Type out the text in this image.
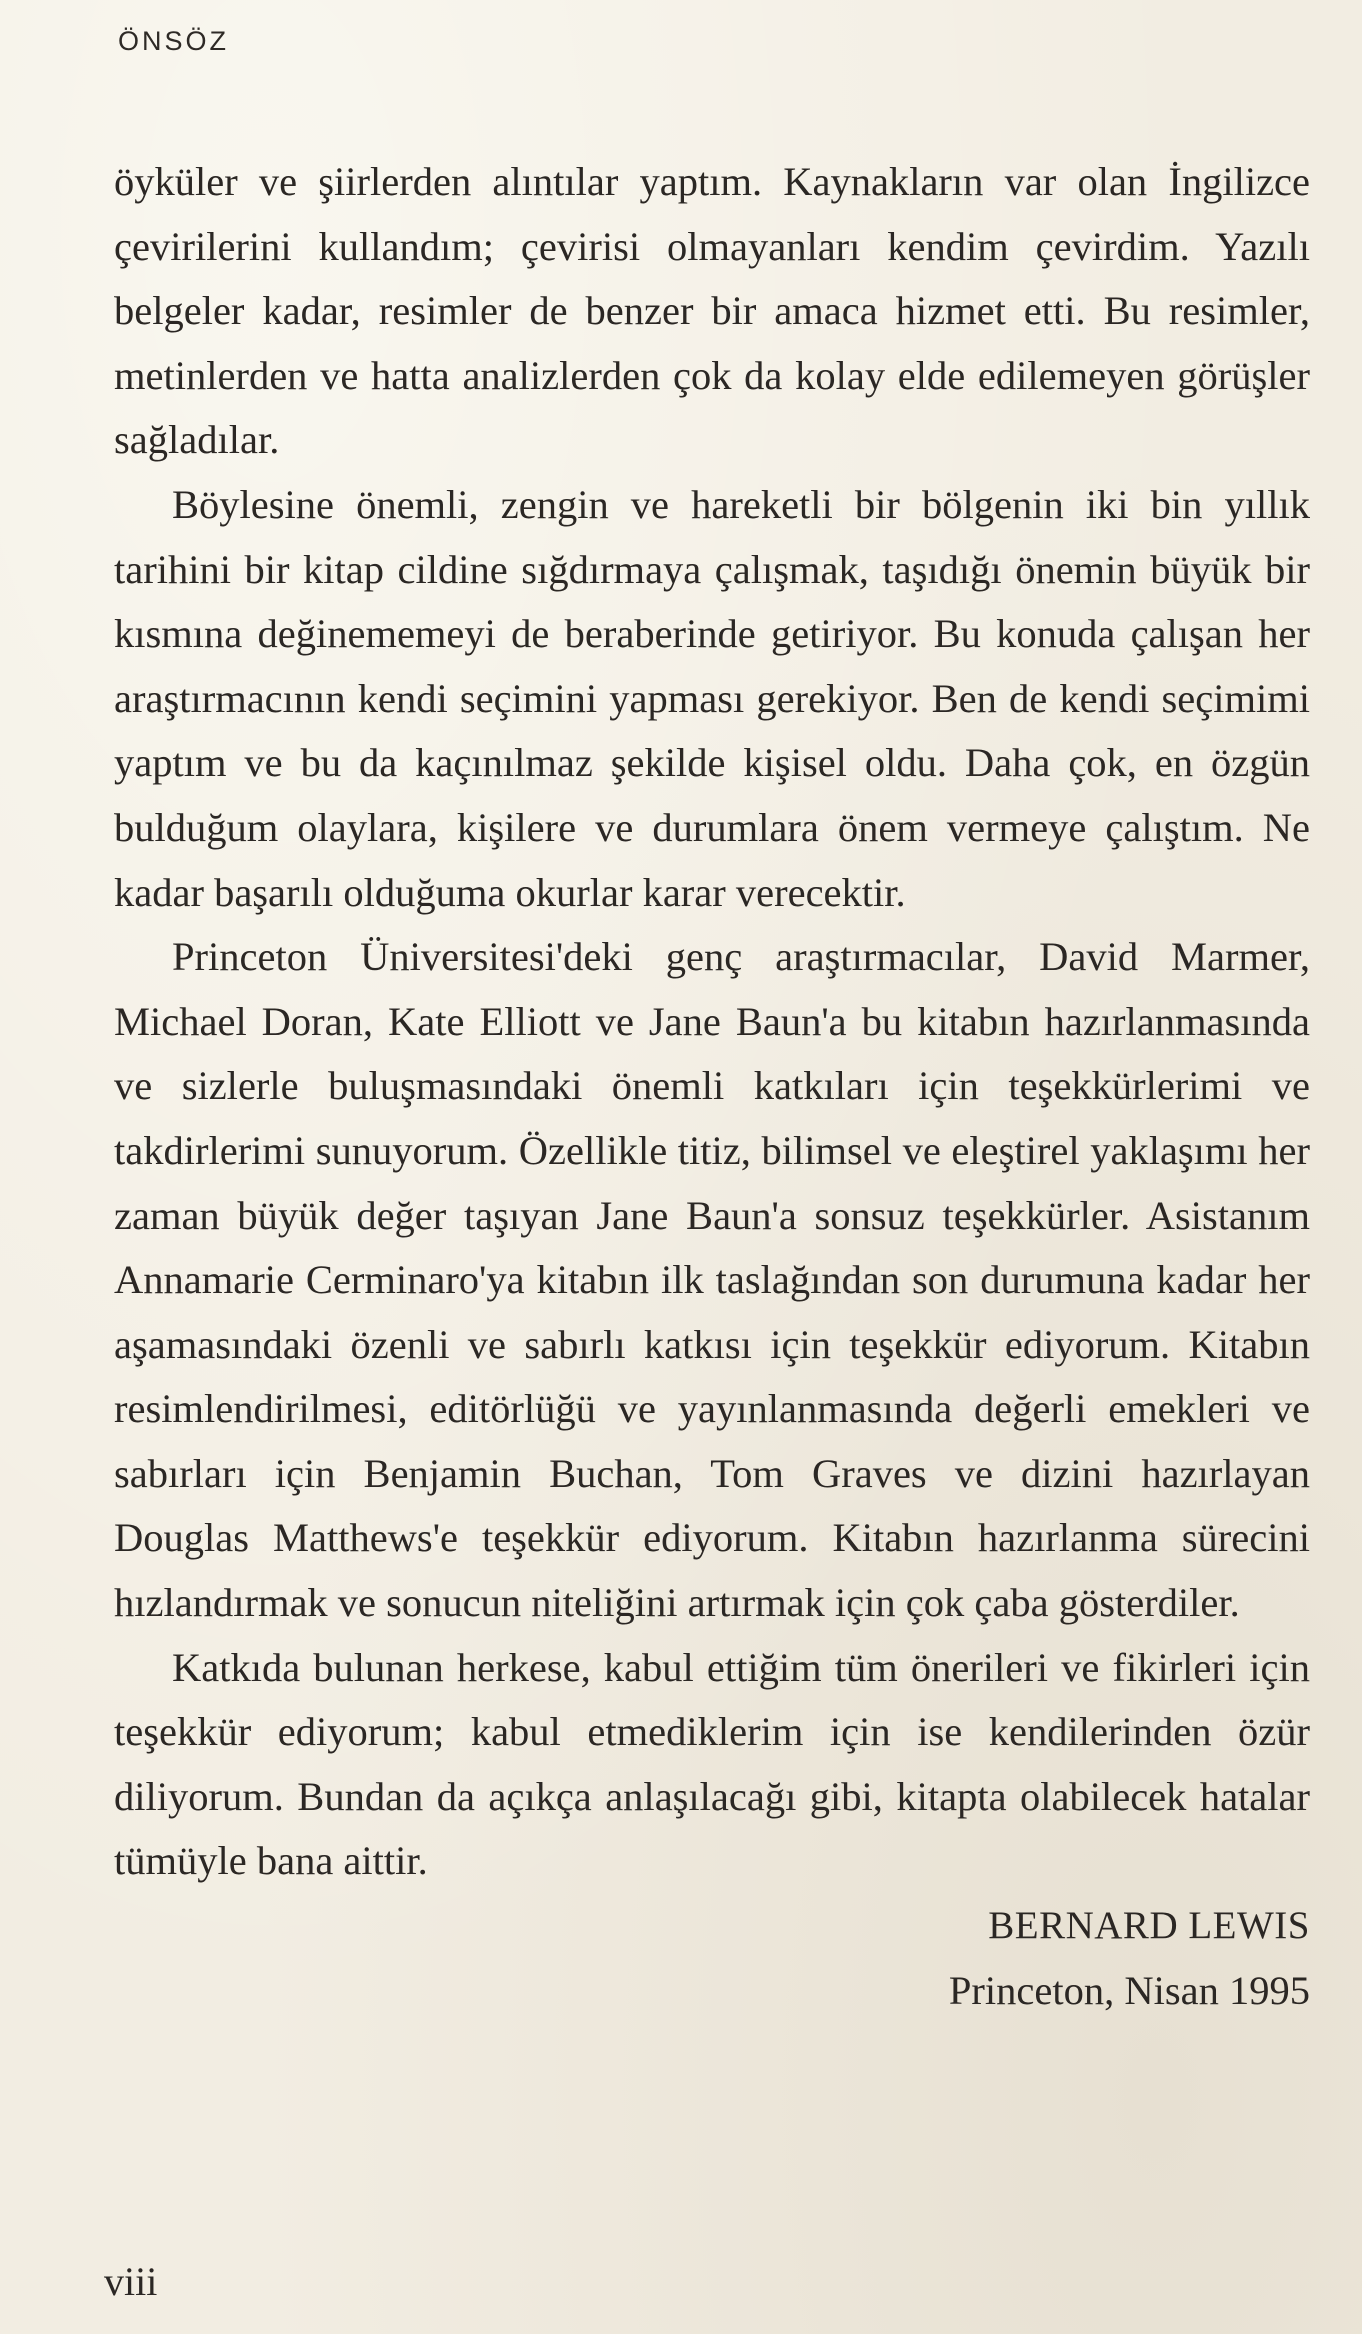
ÖNSÖZ

öyküler ve şiirlerden alıntılar yaptım. Kaynakların var olan İngilizce çevirilerini kullandım; çevirisi olmayanları kendim çevirdim. Yazılı belgeler kadar, resimler de benzer bir amaca hizmet etti. Bu resimler, metinlerden ve hatta analizlerden çok da kolay elde edilemeyen görüşler sağladılar.

Böylesine önemli, zengin ve hareketli bir bölgenin iki bin yıllık tarihini bir kitap cildine sığdırmaya çalışmak, taşıdığı önemin büyük bir kısmına değinememeyi de beraberinde getiriyor. Bu konuda çalışan her araştırmacının kendi seçimini yapması gerekiyor. Ben de kendi seçimimi yaptım ve bu da kaçınılmaz şekilde kişisel oldu. Daha çok, en özgün bulduğum olaylara, kişilere ve durumlara önem vermeye çalıştım. Ne kadar başarılı olduğuma okurlar karar verecektir.

Princeton Üniversitesi'deki genç araştırmacılar, David Marmer, Michael Doran, Kate Elliott ve Jane Baun'a bu kitabın hazırlanmasında ve sizlerle buluşmasındaki önemli katkıları için teşekkürlerimi ve takdirlerimi sunuyorum. Özellikle titiz, bilimsel ve eleştirel yaklaşımı her zaman büyük değer taşıyan Jane Baun'a sonsuz teşekkürler. Asistanım Annamarie Cerminaro'ya kitabın ilk taslağından son durumuna kadar her aşamasındaki özenli ve sabırlı katkısı için teşekkür ediyorum. Kitabın resimlendirilmesi, editörlüğü ve yayınlanmasında değerli emekleri ve sabırları için Benjamin Buchan, Tom Graves ve dizini hazırlayan Douglas Matthews'e teşekkür ediyorum. Kitabın hazırlanma sürecini hızlandırmak ve sonucun niteliğini artırmak için çok çaba gösterdiler.

Katkıda bulunan herkese, kabul ettiğim tüm önerileri ve fikirleri için teşekkür ediyorum; kabul etmediklerim için ise kendilerinden özür diliyorum. Bundan da açıkça anlaşılacağı gibi, kitapta olabilecek hatalar tümüyle bana aittir.

BERNARD LEWIS
Princeton, Nisan 1995
viii
